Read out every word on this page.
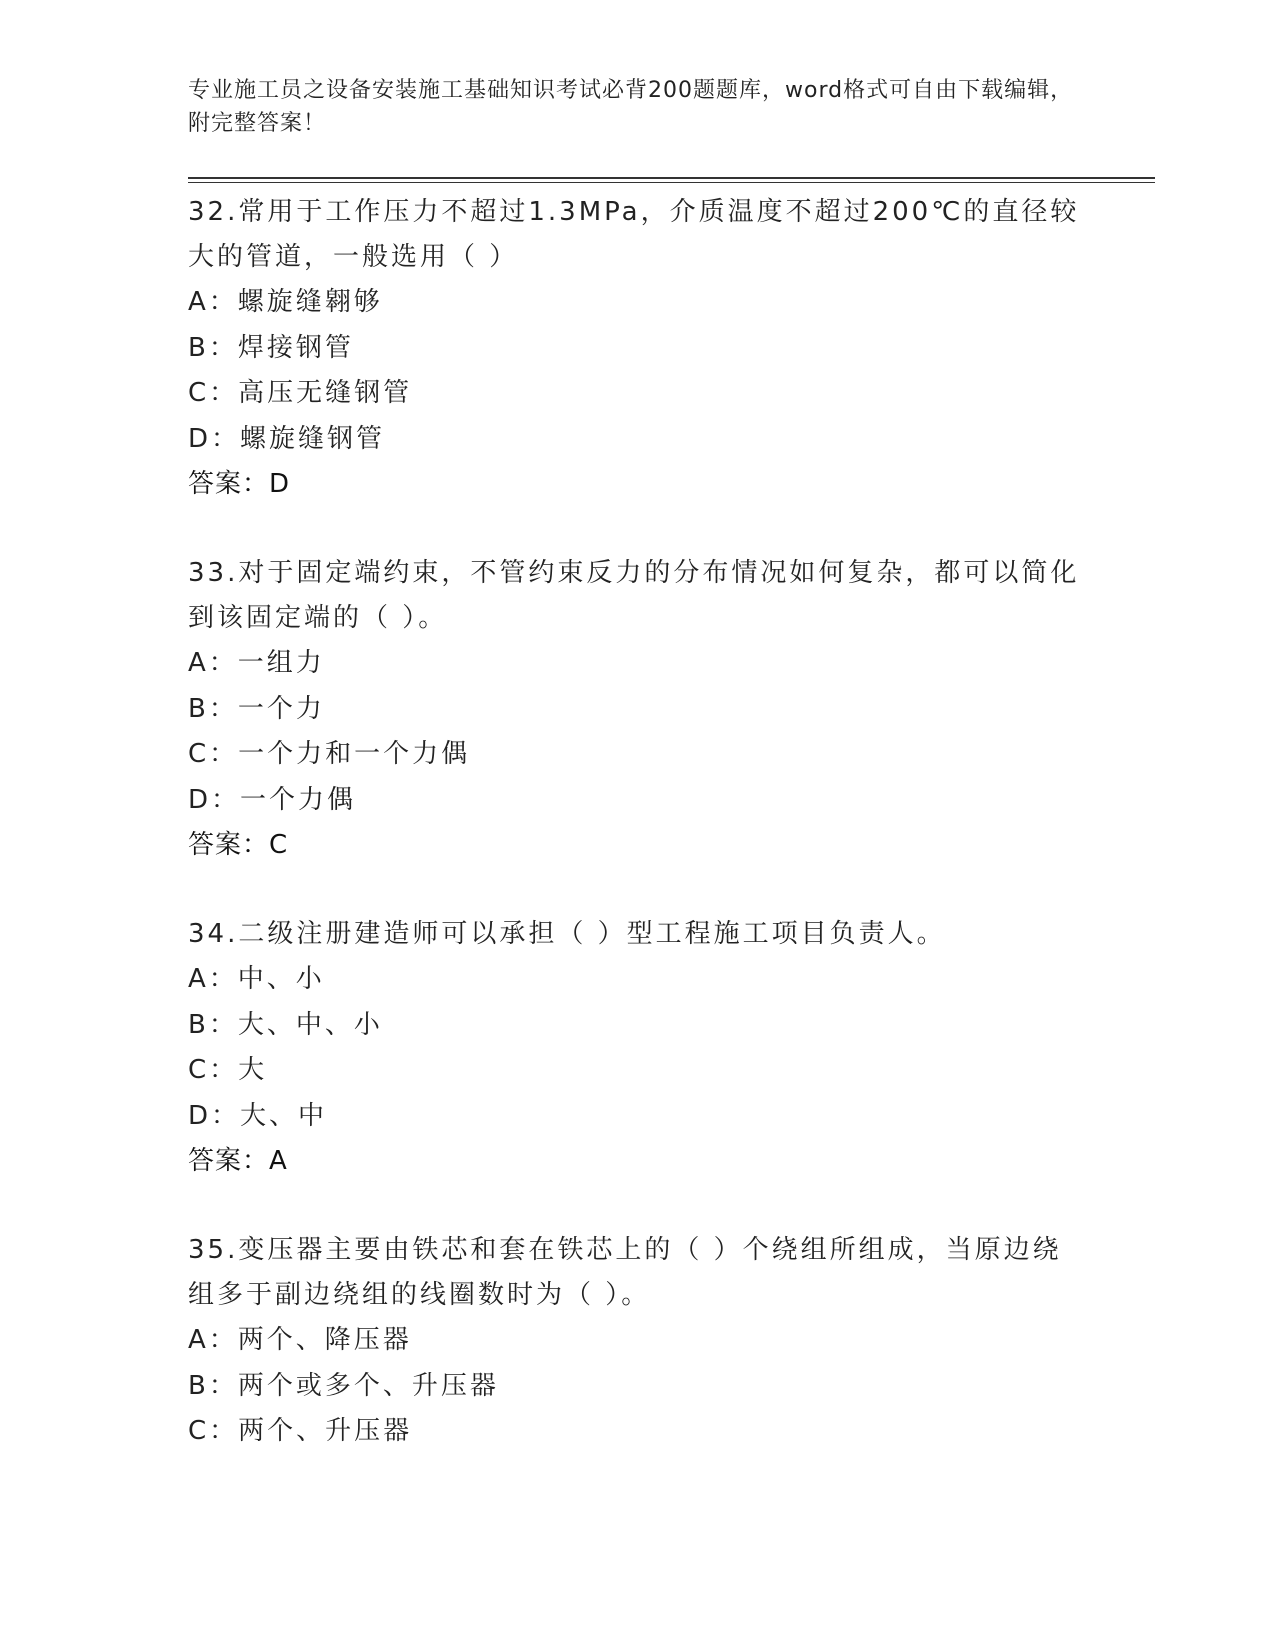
专业施工员之设备安装施工基础知识考试必背200题题库，word格式可自由下载编辑，附完整答案！
32.常用于工作压力不超过1.3MPa，介质温度不超过200℃的直径较大的管道，一般选用（ ）
A：螺旋缝翱够
B：焊接钢管
C：高压无缝钢管
D：螺旋缝钢管
答案：D
33.对于固定端约束，不管约束反力的分布情况如何复杂，都可以简化到该固定端的（ ）。
A：一组力
B：一个力
C：一个力和一个力偶
D：一个力偶
答案：C
34.二级注册建造师可以承担（ ）型工程施工项目负责人。
A：中、小
B：大、中、小
C：大
D：大、中
答案：A
35.变压器主要由铁芯和套在铁芯上的（ ）个绕组所组成，当原边绕组多于副边绕组的线圈数时为（ ）。
A：两个、降压器
B：两个或多个、升压器
C：两个、升压器
